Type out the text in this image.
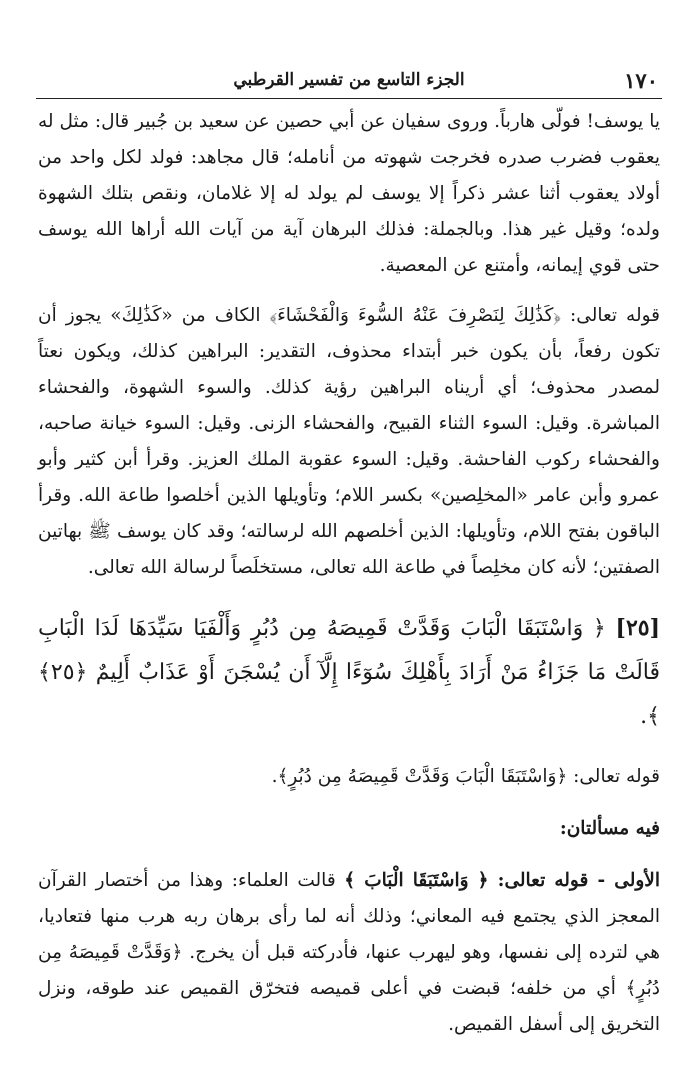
١٧٠
الجزء التاسع من تفسير القرطبي

يا يوسف! فولّى هارباً. وروى سفيان عن أبي حصين عن سعيد بن جُبير قال: مثل له يعقوب فضرب صدره فخرجت شهوته من أنامله؛ قال مجاهد: فولد لكل واحد من أولاد يعقوب أثنا عشر ذكراً إلا يوسف لم يولد له إلا غلامان، ونقص بتلك الشهوة ولده؛ وقيل غير هذا. وبالجملة: فذلك البرهان آية من آيات الله أراها الله يوسف حتى قوي إيمانه، وأمتنع عن المعصية.

قوله تعالى: ﴿كَذَٰلِكَ لِنَصْرِفَ عَنْهُ السُّوءَ وَالْفَحْشَاءَ﴾ الكاف من «كَذَٰلِكَ» يجوز أن تكون رفعاً، بأن يكون خبر أبتداء محذوف، التقدير: البراهين كذلك، ويكون نعتاً لمصدر محذوف؛ أي أريناه البراهين رؤية كذلك. والسوء الشهوة، والفحشاء المباشرة. وقيل: السوء الثناء القبيح، والفحشاء الزنى. وقيل: السوء خيانة صاحبه، والفحشاء ركوب الفاحشة. وقيل: السوء عقوبة الملك العزيز. وقرأ أبن كثير وأبو عمرو وأبن عامر «المخلِصين» بكسر اللام؛ وتأويلها الذين أخلصوا طاعة الله. وقرأ الباقون بفتح اللام، وتأويلها: الذين أخلصهم الله لرسالته؛ وقد كان يوسف ﷺ بهاتين الصفتين؛ لأنه كان مخلِصاً في طاعة الله تعالى، مستخلَصاً لرسالة الله تعالى.

[٢٥] ﴿ وَاسْتَبَقَا الْبَابَ وَقَدَّتْ قَمِيصَهُ مِن دُبُرٍ وَأَلْفَيَا سَيِّدَهَا لَدَا الْبَابِ قَالَتْ مَا جَزَاءُ مَنْ أَرَادَ بِأَهْلِكَ سُوٓءًا إِلَّآ أَن يُسْجَنَ أَوْ عَذَابٌ أَلِيمٌ ﴿٢٥﴾ ﴾.

قوله تعالى: ﴿وَاسْتَبَقَا الْبَابَ وَقَدَّتْ قَمِيصَهُ مِن دُبُرٍ﴾.

فيه مسألتان:

الأولى - قوله تعالى: ﴿ وَاسْتَبَقَا الْبَابَ ﴾ قالت العلماء: وهذا من أختصار القرآن المعجز الذي يجتمع فيه المعاني؛ وذلك أنه لما رأى برهان ربه هرب منها فتعاديا، هي لترده إلى نفسها، وهو ليهرب عنها، فأدركته قبل أن يخرج. ﴿وَقَدَّتْ قَمِيصَهُ مِن دُبُرٍ﴾ أي من خلفه؛ قبضت في أعلى قميصه فتخرّق القميص عند طوقه، ونزل التخريق إلى أسفل القميص.
